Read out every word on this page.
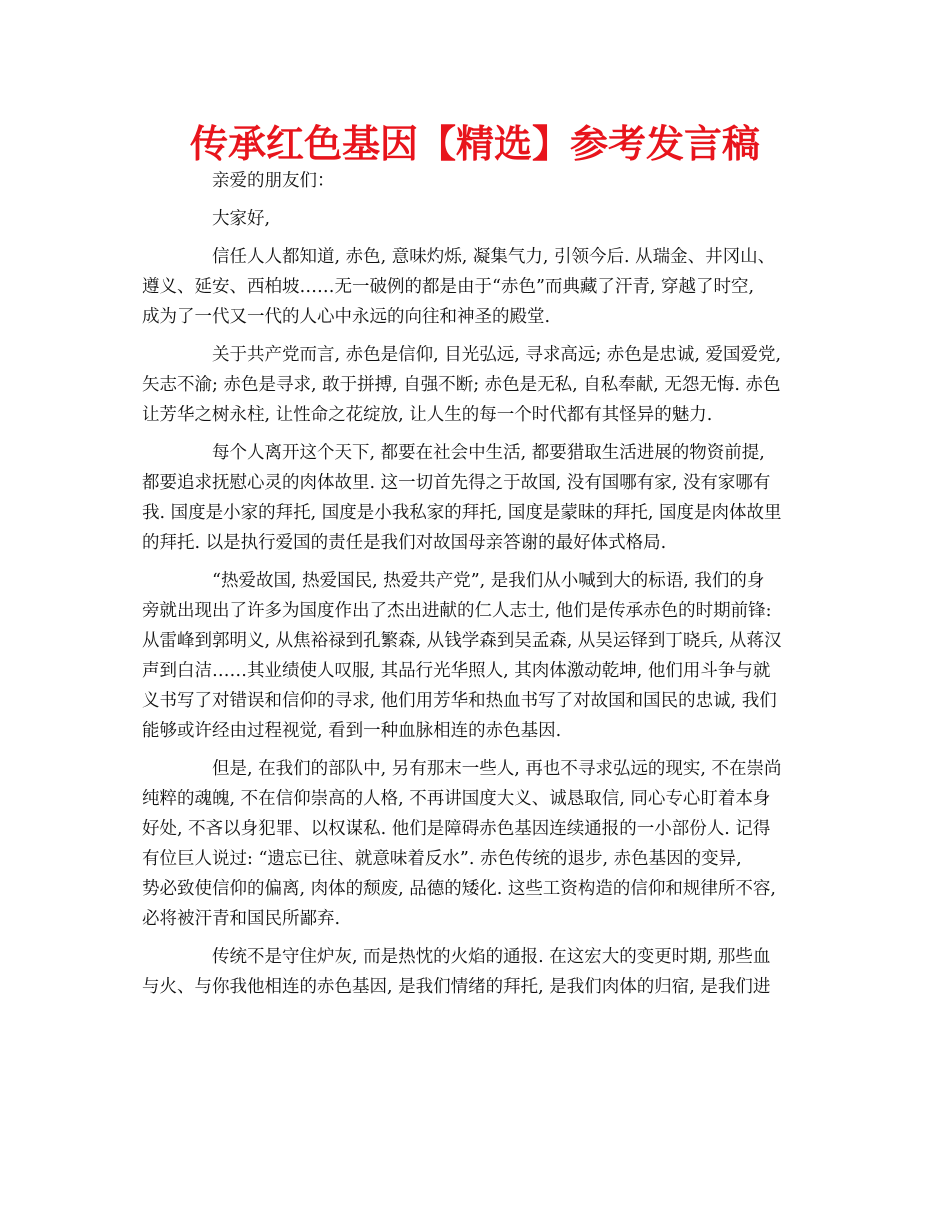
传承红色基因【精选】参考发言稿
亲爱的朋友们：
大家好,
信任人人都知道, 赤色, 意味灼烁, 凝集气力, 引领今后. 从瑞金、井冈山、
遵义、延安、西柏坡……无一破例的都是由于“赤色”而典藏了汗青, 穿越了时空,
成为了一代又一代的人心中永远的向往和神圣的殿堂.
关于共产党而言, 赤色是信仰, 目光弘远, 寻求高远; 赤色是忠诚, 爱国爱党,
矢志不渝; 赤色是寻求, 敢于拼搏, 自强不断; 赤色是无私, 自私奉献, 无怨无悔. 赤色
让芳华之树永柱, 让性命之花绽放, 让人生的每一个时代都有其怪异的魅力.
每个人离开这个天下, 都要在社会中生活, 都要猎取生活进展的物资前提,
都要追求抚慰心灵的肉体故里. 这一切首先得之于故国, 没有国哪有家, 没有家哪有
我. 国度是小家的拜托, 国度是小我私家的拜托, 国度是蒙昧的拜托, 国度是肉体故里
的拜托. 以是执行爱国的责任是我们对故国母亲答谢的最好体式格局.
“热爱故国, 热爱国民, 热爱共产党”, 是我们从小喊到大的标语, 我们的身
旁就出现出了许多为国度作出了杰出进献的仁人志士, 他们是传承赤色的时期前锋:
从雷峰到郭明义, 从焦裕禄到孔繁森, 从钱学森到吴孟森, 从吴运铎到丁晓兵, 从蒋汉
声到白洁……其业绩使人叹服, 其品行光华照人, 其肉体激动乾坤, 他们用斗争与就
义书写了对错误和信仰的寻求, 他们用芳华和热血书写了对故国和国民的忠诚, 我们
能够或许经由过程视觉, 看到一种血脉相连的赤色基因.
但是, 在我们的部队中, 另有那末一些人, 再也不寻求弘远的现实, 不在崇尚
纯粹的魂魄, 不在信仰崇高的人格, 不再讲国度大义、诚恳取信, 同心专心盯着本身
好处, 不吝以身犯罪、以权谋私. 他们是障碍赤色基因连续通报的一小部份人. 记得
有位巨人说过: “遗忘已往、就意味着反水”. 赤色传统的退步, 赤色基因的变异,
势必致使信仰的偏离, 肉体的颓废, 品德的矮化. 这些工资构造的信仰和规律所不容,
必将被汗青和国民所鄙弃.
传统不是守住炉灰, 而是热忱的火焰的通报. 在这宏大的变更时期, 那些血
与火、与你我他相连的赤色基因, 是我们情绪的拜托, 是我们肉体的归宿, 是我们进
